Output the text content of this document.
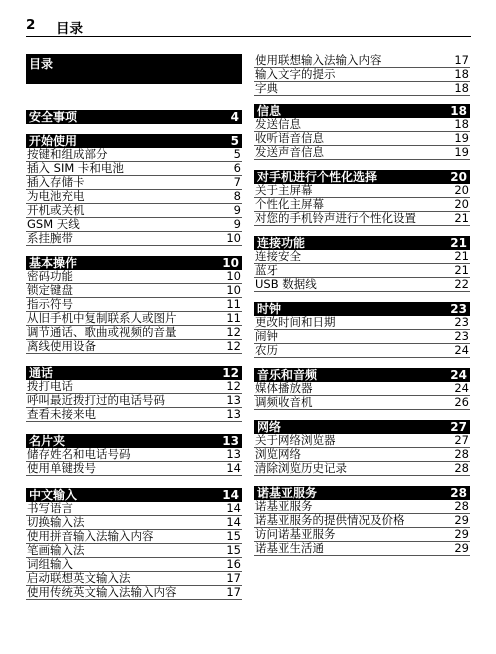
2 目录
目录
安全事项	4
开始使用	5
按键和组成部分	5
插入 SIM 卡和电池	6
插入存储卡	7
为电池充电	8
开机或关机	9
GSM 天线	9
系挂腕带	10
基本操作	10
密码功能	10
锁定键盘	10
指示符号	11
从旧手机中复制联系人或图片	11
调节通话、歌曲或视频的音量	12
离线使用设备	12
通话	12
拨打电话	12
呼叫最近拨打过的电话号码	13
查看未接来电	13
名片夹	13
储存姓名和电话号码	13
使用单键拨号	14
中文输入	14
书写语言	14
切换输入法	14
使用拼音输入法输入内容	15
笔画输入法	15
词组输入	16
启动联想英文输入法	17
使用传统英文输入法输入内容	17
使用联想输入法输入内容	17
输入文字的提示	18
字典	18
信息	18
发送信息	18
收听语音信息	19
发送声音信息	19
对手机进行个性化选择	20
关于主屏幕	20
个性化主屏幕	20
对您的手机铃声进行个性化设置	21
连接功能	21
连接安全	21
蓝牙	21
USB 数据线	22
时钟	23
更改时间和日期	23
闹钟	23
农历	24
音乐和音频	24
媒体播放器	24
调频收音机	26
网络	27
关于网络浏览器	27
浏览网络	28
清除浏览历史记录	28
诺基亚服务	28
诺基亚服务	28
诺基亚服务的提供情况及价格	29
访问诺基亚服务	29
诺基亚生活通	29
